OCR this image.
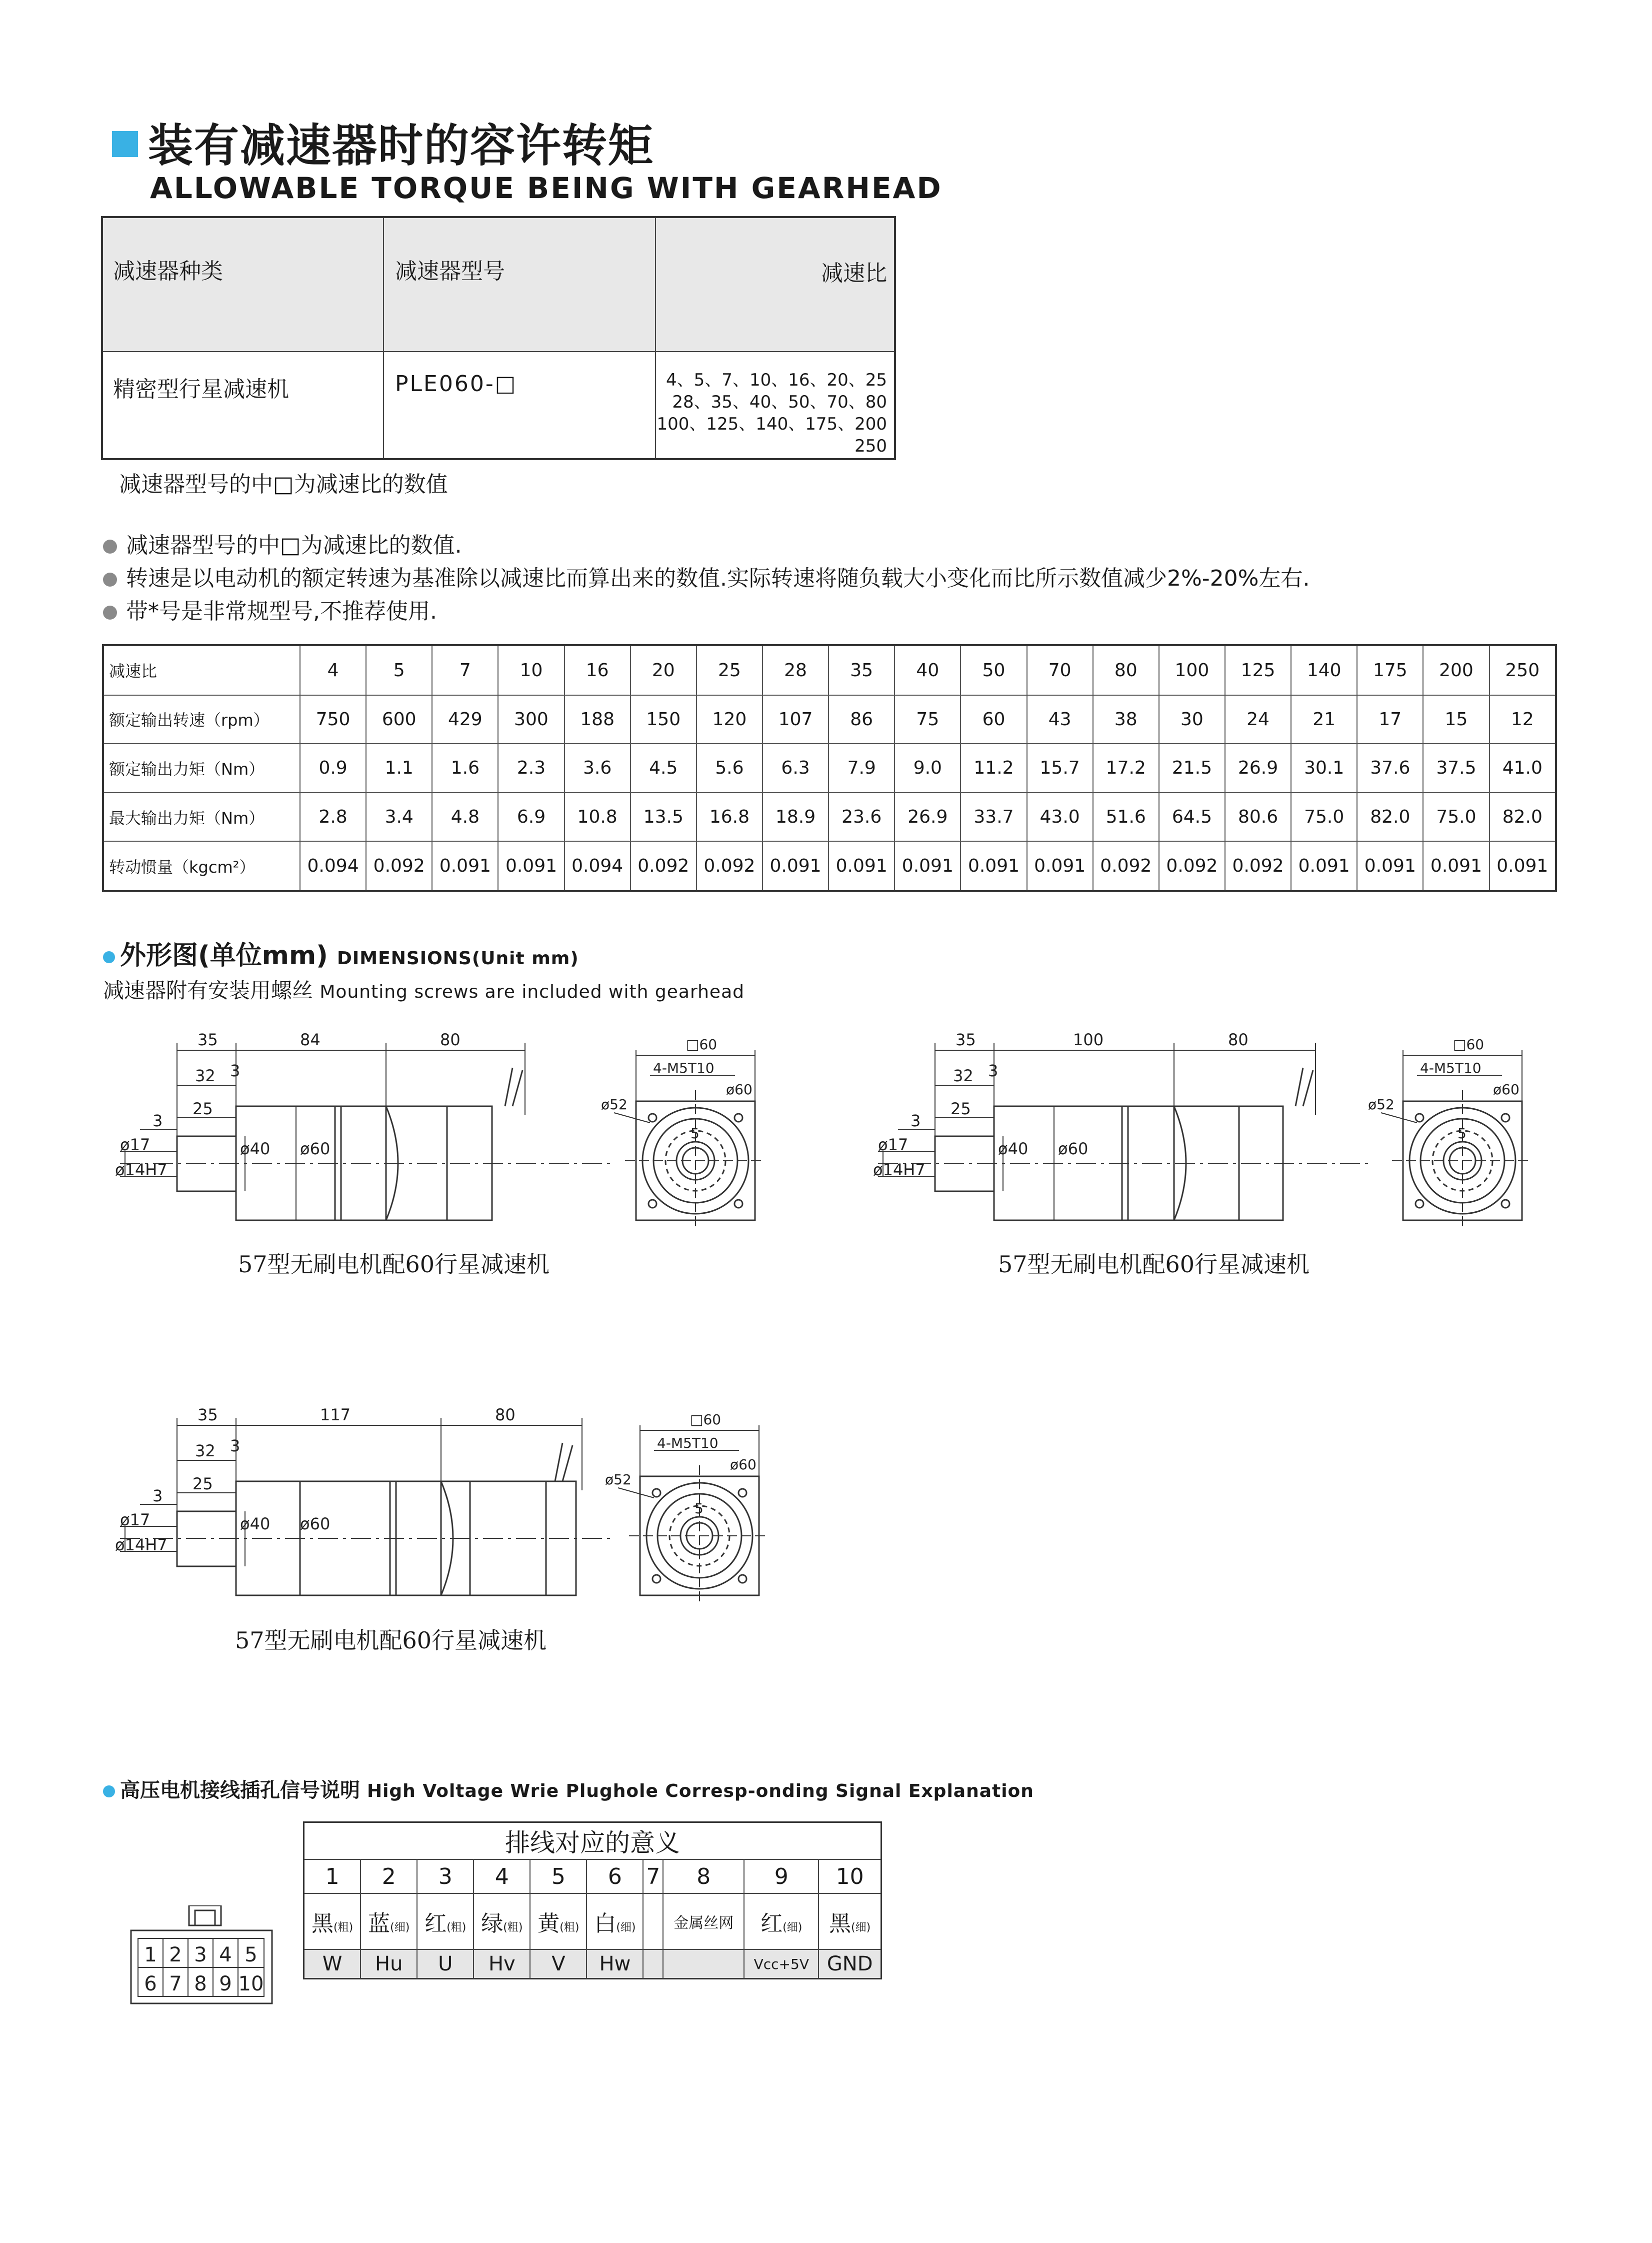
装有减速器时的容许转矩
ALLOWABLE TORQUE BEING WITH GEARHEAD
减速器种类	减速器型号	减速比
精密型行星减速机	PLE060-□	4、5、7、10、16、20、25
28、35、40、50、70、80
100、125、140、175、200
250
减速器型号的中□为减速比的数值
减速器型号的中□为减速比的数值.
转速是以电动机的额定转速为基准除以减速比而算出来的数值.实际转速将随负载大小变化而比所示数值减少2%-20%左右.
带*号是非常规型号,不推荐使用.
减速比	4	5	7	10	16	20	25	28	35	40	50	70	80	100	125	140	175	200	250
额定输出转速（rpm）	750	600	429	300	188	150	120	107	86	75	60	43	38	30	24	21	17	15	12
额定输出力矩（Nm）	0.9	1.1	1.6	2.3	3.6	4.5	5.6	6.3	7.9	9.0	11.2	15.7	17.2	21.5	26.9	30.1	37.6	37.5	41.0
最大输出力矩（Nm）	2.8	3.4	4.8	6.9	10.8	13.5	16.8	18.9	23.6	26.9	33.7	43.0	51.6	64.5	80.6	75.0	82.0	75.0	82.0
转动惯量（kgcm²）	0.094	0.092	0.091	0.091	0.094	0.092	0.092	0.091	0.091	0.091	0.091	0.091	0.092	0.092	0.092	0.091	0.091	0.091	0.091
外形图(单位mm) DIMENSIONS(Unit mm)
减速器附有安装用螺丝 Mounting screws are included with gearhead
35	84	80
32 3
25
3
ø17
ø14H7
ø40 ø60
□60
4-M5T10
ø60
ø52
5
57型无刷电机配60行星减速机
35	100	80
32 3
25
3
ø17
ø14H7
ø40 ø60
□60
4-M5T10
ø60
ø52
5
57型无刷电机配60行星减速机
35	117	80
32 3
25
3
ø17
ø14H7
ø40 ø60
□60
4-M5T10
ø60
ø52
5
57型无刷电机配60行星减速机
高压电机接线插孔信号说明 High Voltage Wrie Plughole Corresp-onding Signal Explanation
1 2 3 4 5
6 7 8 9 10
排线对应的意义									
1	2	3	4	5	6	7	8	9	10
黑(粗)	蓝(细)	红(粗)	绿(粗)	黄(粗)	白(细)		金属丝网	红(细)	黑(细)
W	Hu	U	Hv	V	Hw			Vcc+5V	GND
